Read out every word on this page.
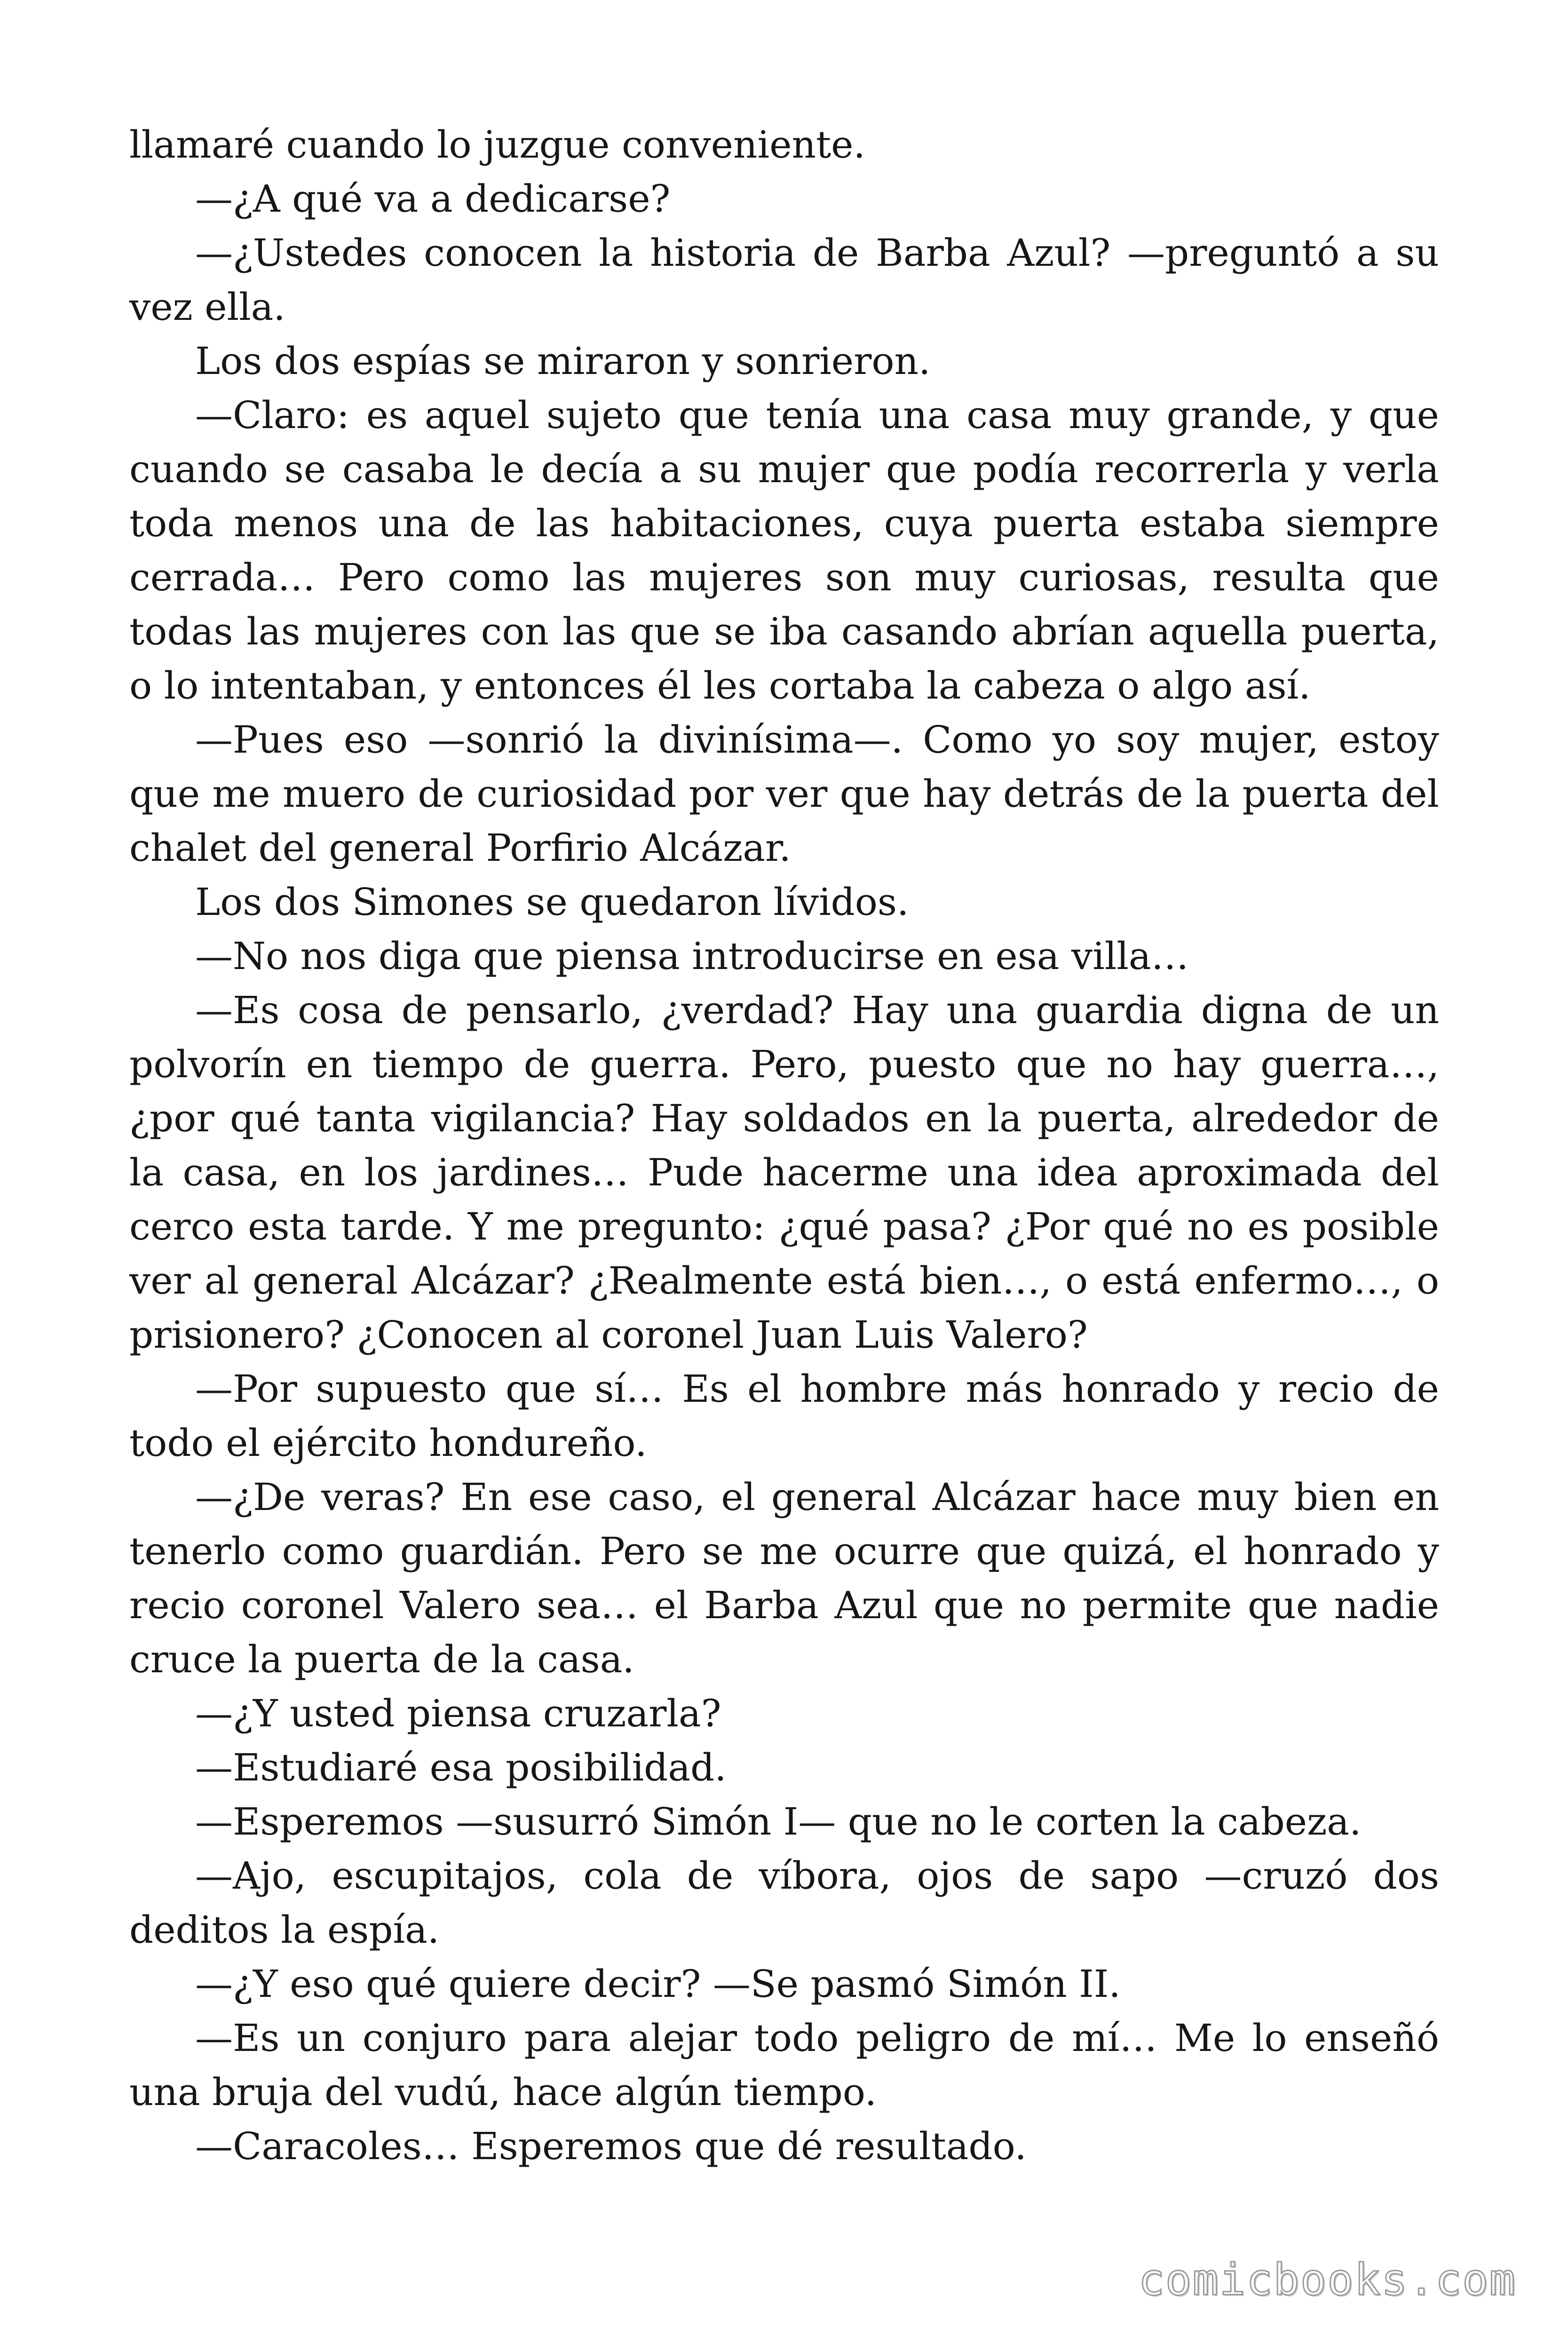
llamaré cuando lo juzgue conveniente.

—¿A qué va a dedicarse?

—¿Ustedes conocen la historia de Barba Azul? —preguntó a su vez ella.

Los dos espías se miraron y sonrieron.

—Claro: es aquel sujeto que tenía una casa muy grande, y que cuando se casaba le decía a su mujer que podía recorrerla y verla toda menos una de las habitaciones, cuya puerta estaba siempre cerrada… Pero como las mujeres son muy curiosas, resulta que todas las mujeres con las que se iba casando abrían aquella puerta, o lo intentaban, y entonces él les cortaba la cabeza o algo así.

—Pues eso —sonrió la divinísima—. Como yo soy mujer, estoy que me muero de curiosidad por ver que hay detrás de la puerta del chalet del general Porfirio Alcázar.

Los dos Simones se quedaron lívidos.

—No nos diga que piensa introducirse en esa villa…

—Es cosa de pensarlo, ¿verdad? Hay una guardia digna de un polvorín en tiempo de guerra. Pero, puesto que no hay guerra…, ¿por qué tanta vigilancia? Hay soldados en la puerta, alrededor de la casa, en los jardines… Pude hacerme una idea aproximada del cerco esta tarde. Y me pregunto: ¿qué pasa? ¿Por qué no es posible ver al general Alcázar? ¿Realmente está bien…, o está enfermo…, o prisionero? ¿Conocen al coronel Juan Luis Valero?

—Por supuesto que sí… Es el hombre más honrado y recio de todo el ejército hondureño.

—¿De veras? En ese caso, el general Alcázar hace muy bien en tenerlo como guardián. Pero se me ocurre que quizá, el honrado y recio coronel Valero sea… el Barba Azul que no permite que nadie cruce la puerta de la casa.

—¿Y usted piensa cruzarla?

—Estudiaré esa posibilidad.

—Esperemos —susurró Simón I— que no le corten la cabeza.

—Ajo, escupitajos, cola de víbora, ojos de sapo —cruzó dos deditos la espía.

—¿Y eso qué quiere decir? —Se pasmó Simón II.

—Es un conjuro para alejar todo peligro de mí… Me lo enseñó una bruja del vudú, hace algún tiempo.

—Caracoles… Esperemos que dé resultado.

comicbooks.com
